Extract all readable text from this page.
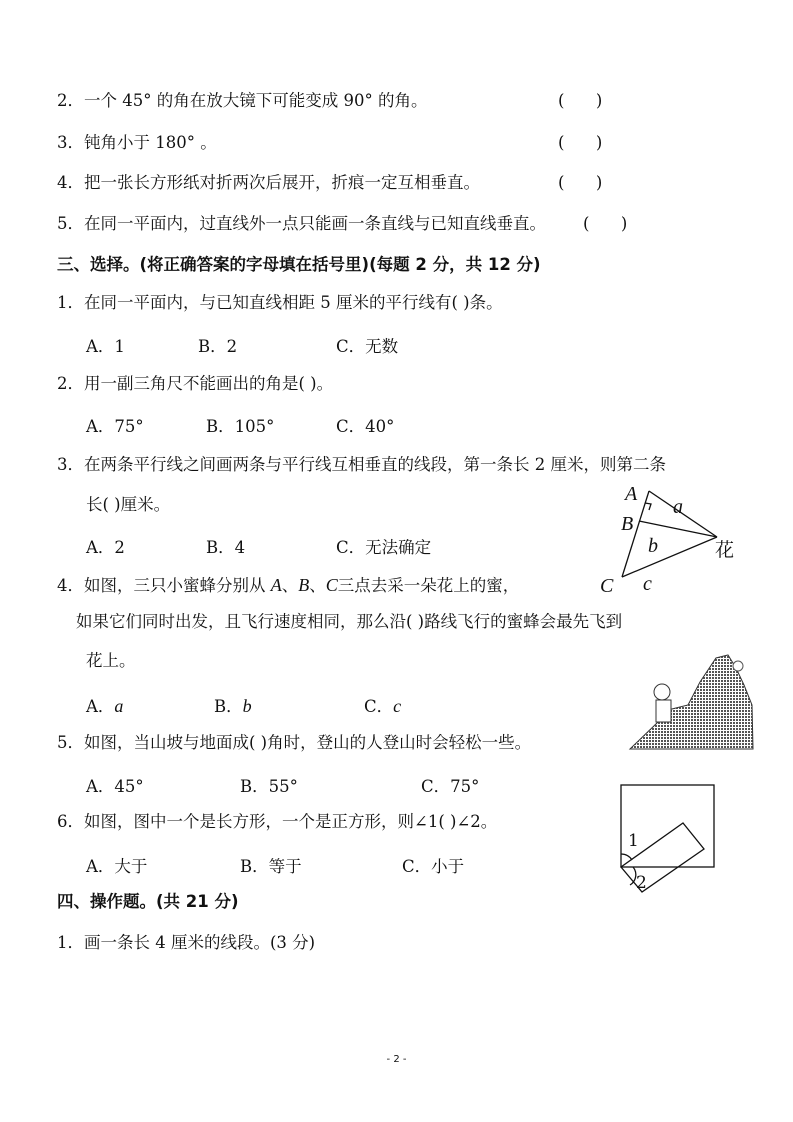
2．一个 45° 的角在放大镜下可能变成 90° 的角。	(      )
3．钝角小于 180° 。	(      )
4．把一张长方形纸对折两次后展开，折痕一定互相垂直。	(      )
5．在同一平面内，过直线外一点只能画一条直线与已知直线垂直。 (      )
三、选择。(将正确答案的字母填在括号里)(每题 2 分，共 12 分)
1．在同一平面内，与已知直线相距 5 厘米的平行线有( )条。
A．1	B．2	C．无数
2．用一副三角尺不能画出的角是( )。
A．75°	B．105°	C．40°
3．在两条平行线之间画两条与平行线互相垂直的线段，第一条长 2 厘米，则第二条
长( )厘米。
A．2	B．4	C．无法确定
4．如图，三只小蜜蜂分别从 A、B、C三点去采一朵花上的蜜，
如果它们同时出发，且飞行速度相同，那么沿( )路线飞行的蜜蜂会最先飞到
花上。
A．a	B．b	C．c
5．如图，当山坡与地面成( )角时，登山的人登山时会轻松一些。
A．45°	B．55°	C．75°
6．如图，图中一个是长方形，一个是正方形，则∠1( )∠2。
A．大于	B．等于	C．小于
四、操作题。(共 21 分)
1．画一条长 4 厘米的线段。(3 分)
A
B
C
a
b
c
花
1
2
- 2 -
